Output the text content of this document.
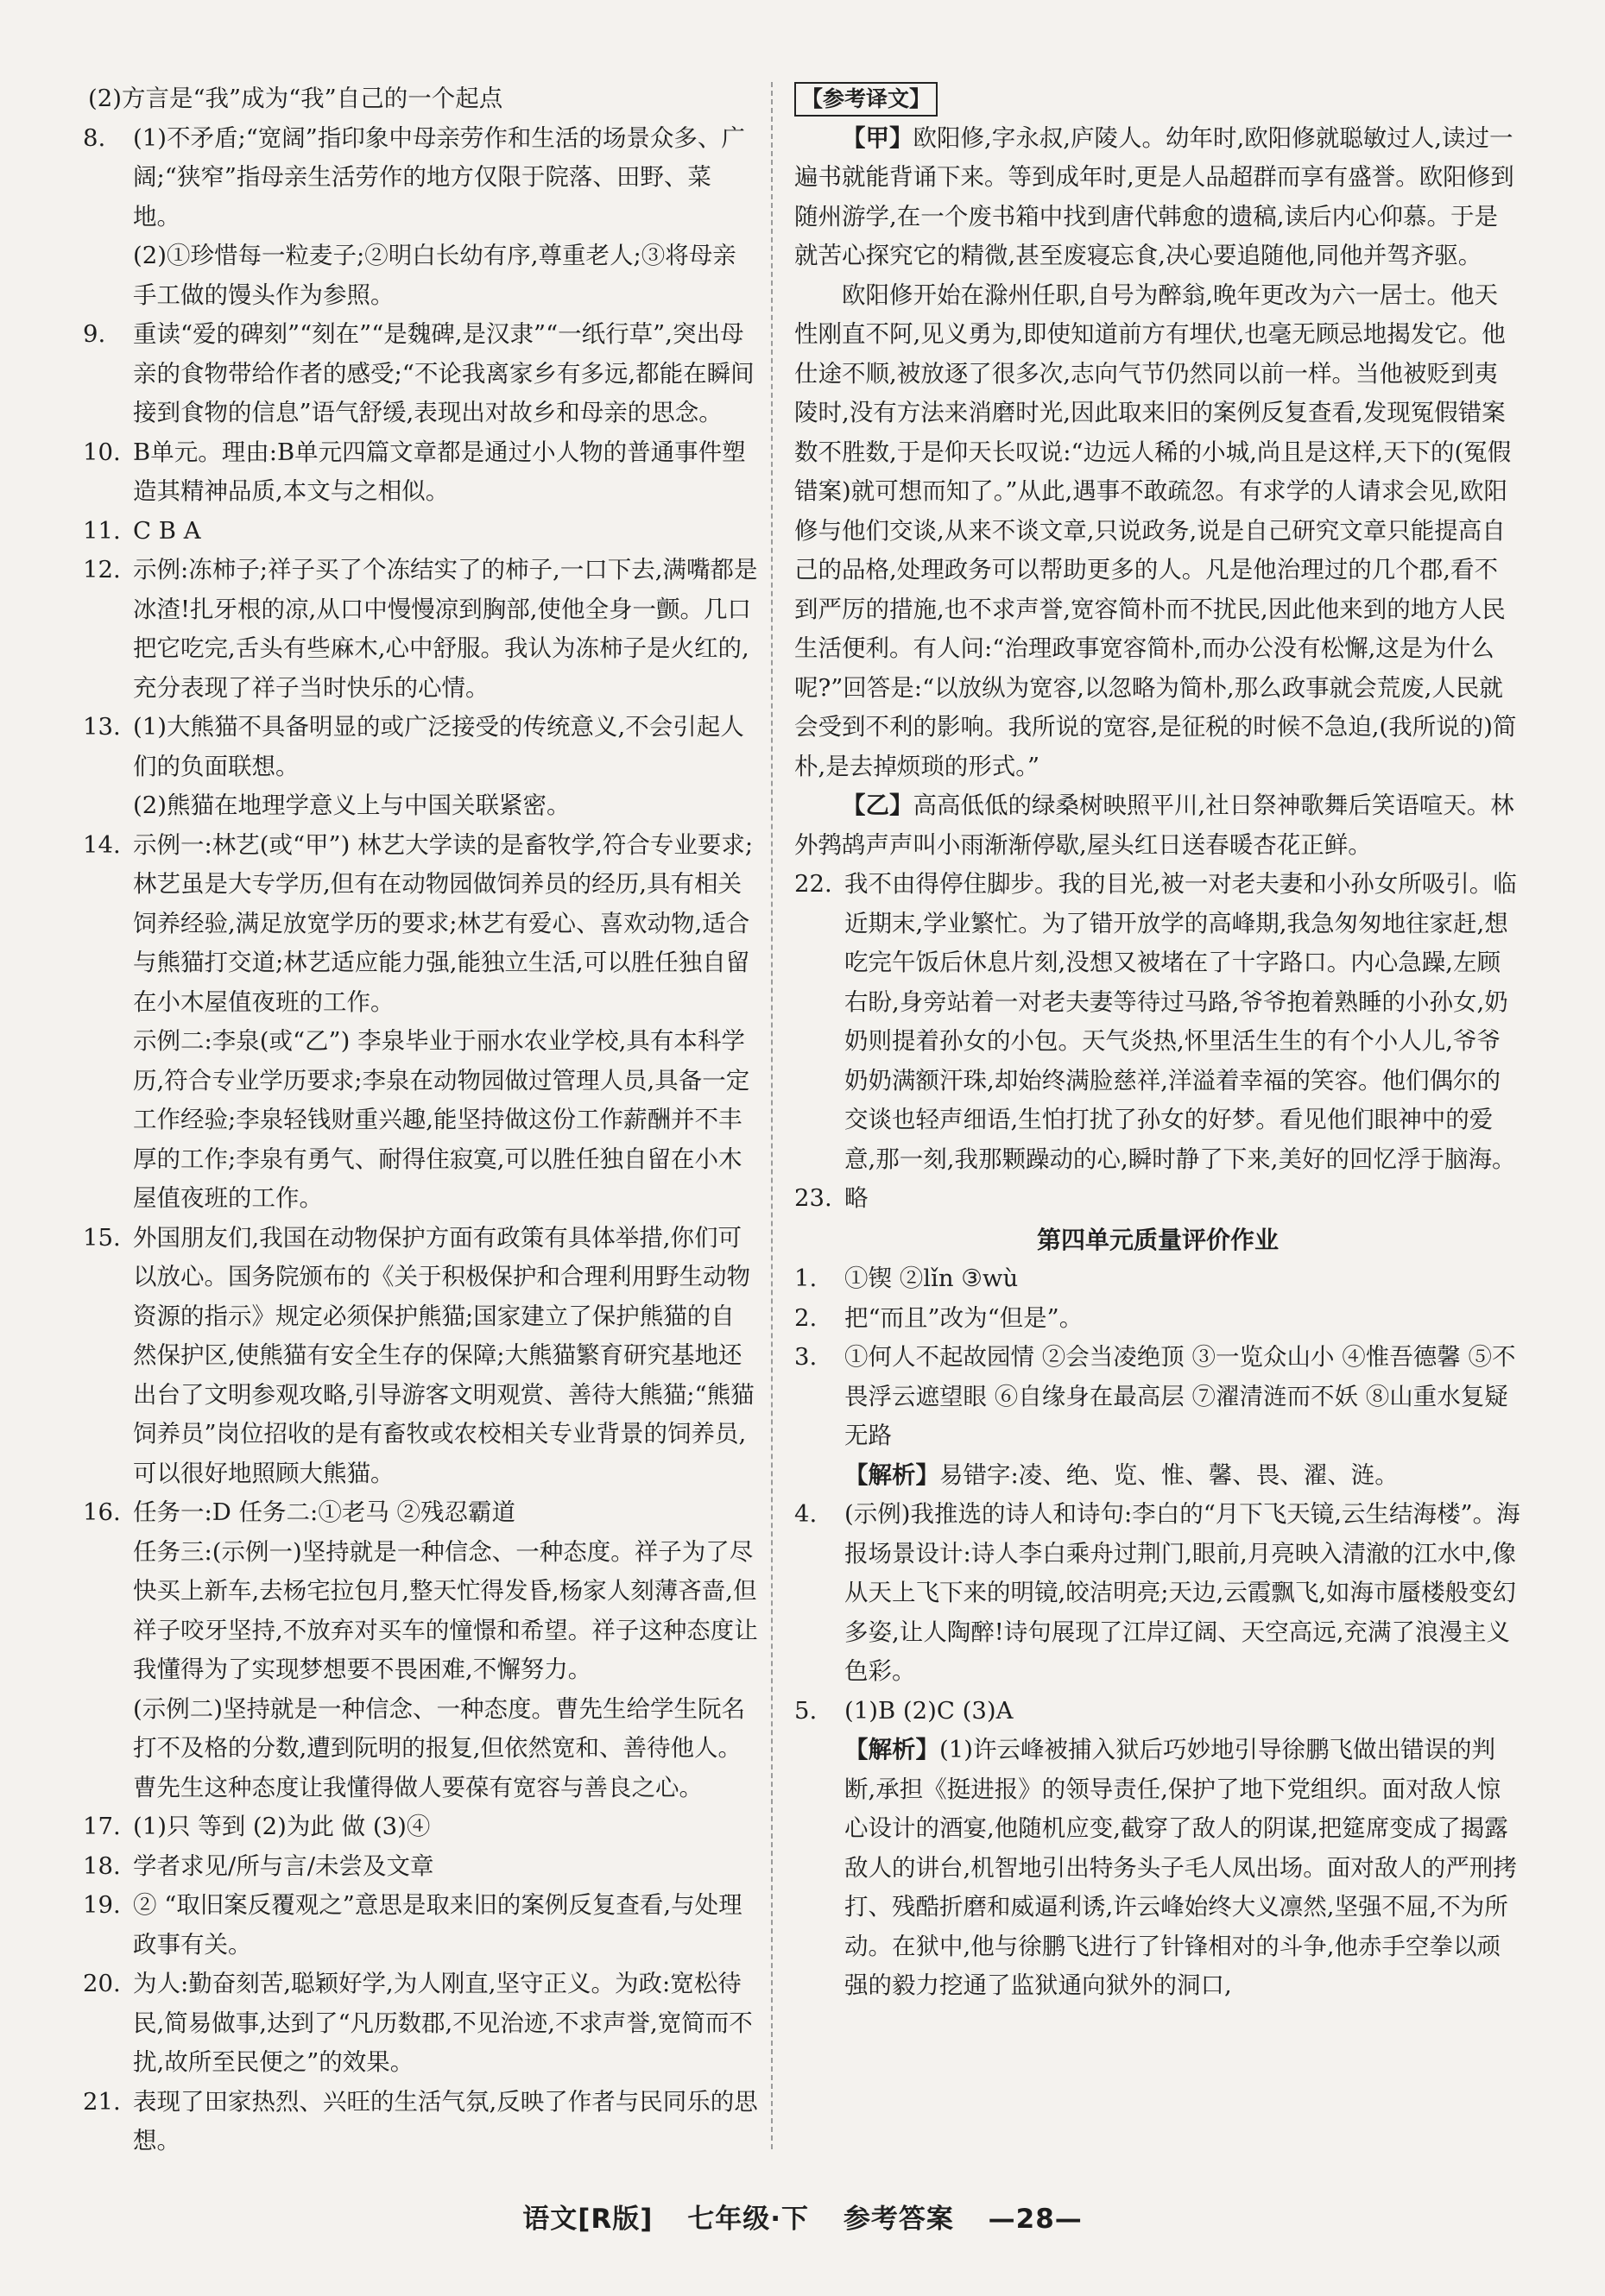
(2)方言是“我”成为“我”自己的一个起点
8. (1)不矛盾;“宽阔”指印象中母亲劳作和生活的场景众多、广阔;“狭窄”指母亲生活劳作的地方仅限于院落、田野、菜地。
(2)①珍惜每一粒麦子;②明白长幼有序,尊重老人;③将母亲手工做的馒头作为参照。
9. 重读“爱的碑刻”“刻在”“是魏碑,是汉隶”“一纸行草”,突出母亲的食物带给作者的感受;“不论我离家乡有多远,都能在瞬间接到食物的信息”语气舒缓,表现出对故乡和母亲的思念。
10. B单元。理由:B单元四篇文章都是通过小人物的普通事件塑造其精神品质,本文与之相似。
11. C B A
12. 示例:冻柿子;祥子买了个冻结实了的柿子,一口下去,满嘴都是冰渣!扎牙根的凉,从口中慢慢凉到胸部,使他全身一颤。几口把它吃完,舌头有些麻木,心中舒服。我认为冻柿子是火红的,充分表现了祥子当时快乐的心情。
13. (1)大熊猫不具备明显的或广泛接受的传统意义,不会引起人们的负面联想。
(2)熊猫在地理学意义上与中国关联紧密。
14. 示例一:林艺(或“甲”) 林艺大学读的是畜牧学,符合专业要求;林艺虽是大专学历,但有在动物园做饲养员的经历,具有相关饲养经验,满足放宽学历的要求;林艺有爱心、喜欢动物,适合与熊猫打交道;林艺适应能力强,能独立生活,可以胜任独自留在小木屋值夜班的工作。
示例二:李泉(或“乙”) 李泉毕业于丽水农业学校,具有本科学历,符合专业学历要求;李泉在动物园做过管理人员,具备一定工作经验;李泉轻钱财重兴趣,能坚持做这份工作薪酬并不丰厚的工作;李泉有勇气、耐得住寂寞,可以胜任独自留在小木屋值夜班的工作。
15. 外国朋友们,我国在动物保护方面有政策有具体举措,你们可以放心。国务院颁布的《关于积极保护和合理利用野生动物资源的指示》规定必须保护熊猫;国家建立了保护熊猫的自然保护区,使熊猫有安全生存的保障;大熊猫繁育研究基地还出台了文明参观攻略,引导游客文明观赏、善待大熊猫;“熊猫饲养员”岗位招收的是有畜牧或农校相关专业背景的饲养员,可以很好地照顾大熊猫。
16. 任务一:D 任务二:①老马 ②残忍霸道
任务三:(示例一)坚持就是一种信念、一种态度。祥子为了尽快买上新车,去杨宅拉包月,整天忙得发昏,杨家人刻薄吝啬,但祥子咬牙坚持,不放弃对买车的憧憬和希望。祥子这种态度让我懂得为了实现梦想要不畏困难,不懈努力。
(示例二)坚持就是一种信念、一种态度。曹先生给学生阮名打不及格的分数,遭到阮明的报复,但依然宽和、善待他人。曹先生这种态度让我懂得做人要葆有宽容与善良之心。
17. (1)只 等到 (2)为此 做 (3)④
18. 学者求见/所与言/未尝及文章
19. ② “取旧案反覆观之”意思是取来旧的案例反复查看,与处理政事有关。
20. 为人:勤奋刻苦,聪颖好学,为人刚直,坚守正义。为政:宽松待民,简易做事,达到了“凡历数郡,不见治迹,不求声誉,宽简而不扰,故所至民便之”的效果。
21. 表现了田家热烈、兴旺的生活气氛,反映了作者与民同乐的思想。
【参考译文】
【甲】欧阳修,字永叔,庐陵人。幼年时,欧阳修就聪敏过人,读过一遍书就能背诵下来。等到成年时,更是人品超群而享有盛誉。欧阳修到随州游学,在一个废书箱中找到唐代韩愈的遗稿,读后内心仰慕。于是就苦心探究它的精微,甚至废寝忘食,决心要追随他,同他并驾齐驱。
欧阳修开始在滁州任职,自号为醉翁,晚年更改为六一居士。他天性刚直不阿,见义勇为,即使知道前方有埋伏,也毫无顾忌地揭发它。他仕途不顺,被放逐了很多次,志向气节仍然同以前一样。当他被贬到夷陵时,没有方法来消磨时光,因此取来旧的案例反复查看,发现冤假错案数不胜数,于是仰天长叹说:“边远人稀的小城,尚且是这样,天下的(冤假错案)就可想而知了。”从此,遇事不敢疏忽。有求学的人请求会见,欧阳修与他们交谈,从来不谈文章,只说政务,说是自己研究文章只能提高自己的品格,处理政务可以帮助更多的人。凡是他治理过的几个郡,看不到严厉的措施,也不求声誉,宽容简朴而不扰民,因此他来到的地方人民生活便利。有人问:“治理政事宽容简朴,而办公没有松懈,这是为什么呢?”回答是:“以放纵为宽容,以忽略为简朴,那么政事就会荒废,人民就会受到不利的影响。我所说的宽容,是征税的时候不急迫,(我所说的)简朴,是去掉烦琐的形式。”
【乙】高高低低的绿桑树映照平川,社日祭神歌舞后笑语喧天。林外鹁鸪声声叫小雨渐渐停歇,屋头红日送春暖杏花正鲜。
22. 我不由得停住脚步。我的目光,被一对老夫妻和小孙女所吸引。临近期末,学业繁忙。为了错开放学的高峰期,我急匆匆地往家赶,想吃完午饭后休息片刻,没想又被堵在了十字路口。内心急躁,左顾右盼,身旁站着一对老夫妻等待过马路,爷爷抱着熟睡的小孙女,奶奶则提着孙女的小包。天气炎热,怀里活生生的有个小人儿,爷爷奶奶满额汗珠,却始终满脸慈祥,洋溢着幸福的笑容。他们偶尔的交谈也轻声细语,生怕打扰了孙女的好梦。看见他们眼神中的爱意,那一刻,我那颗躁动的心,瞬时静了下来,美好的回忆浮于脑海。
23. 略
第四单元质量评价作业
1. ①锲 ②lǐn ③wù
2. 把“而且”改为“但是”。
3. ①何人不起故园情 ②会当凌绝顶 ③一览众山小 ④惟吾德馨 ⑤不畏浮云遮望眼 ⑥自缘身在最高层 ⑦濯清涟而不妖 ⑧山重水复疑无路
【解析】易错字:凌、绝、览、惟、馨、畏、濯、涟。
4. (示例)我推选的诗人和诗句:李白的“月下飞天镜,云生结海楼”。海报场景设计:诗人李白乘舟过荆门,眼前,月亮映入清澈的江水中,像从天上飞下来的明镜,皎洁明亮;天边,云霞飘飞,如海市蜃楼般变幻多姿,让人陶醉!诗句展现了江岸辽阔、天空高远,充满了浪漫主义色彩。
5. (1)B (2)C (3)A
【解析】(1)许云峰被捕入狱后巧妙地引导徐鹏飞做出错误的判断,承担《挺进报》的领导责任,保护了地下党组织。面对敌人惊心设计的酒宴,他随机应变,截穿了敌人的阴谋,把筵席变成了揭露敌人的讲台,机智地引出特务头子毛人凤出场。面对敌人的严刑拷打、残酷折磨和威逼利诱,许云峰始终大义凛然,坚强不屈,不为所动。在狱中,他与徐鹏飞进行了针锋相对的斗争,他赤手空拳以顽强的毅力挖通了监狱通向狱外的洞口,
语文[R版] 七年级·下 参考答案 —28—
